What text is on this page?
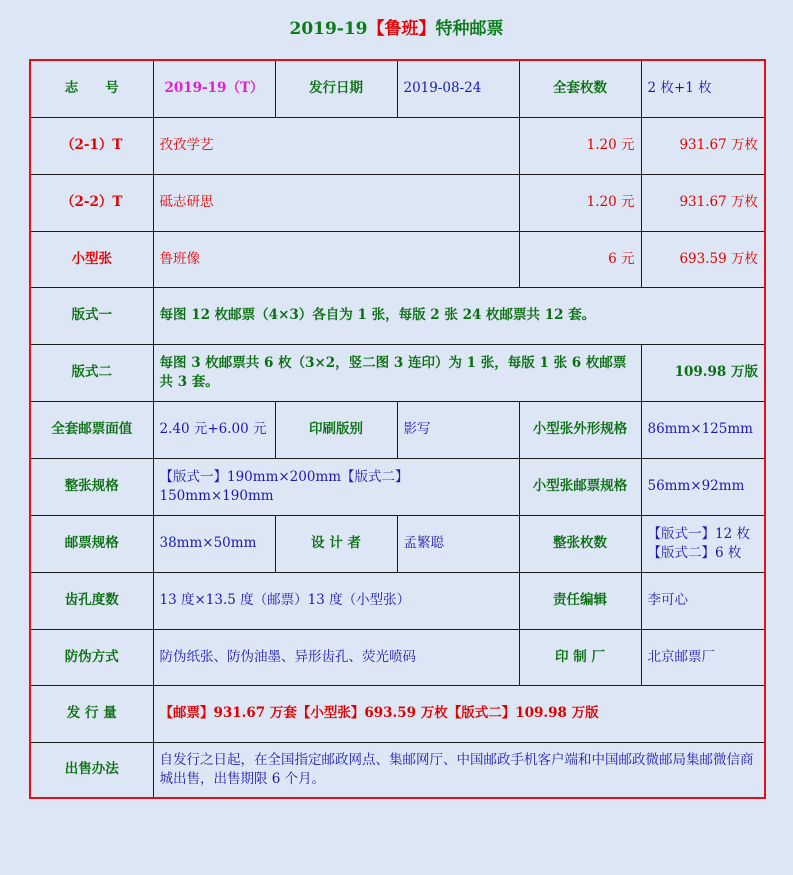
2019-19【鲁班】特种邮票
志　　号	2019-19（T）	发行日期	2019-08-24	全套枚数	2 枚+1 枚
（2-1）T	孜孜学艺			1.20 元	931.67 万枚
（2-2）T	砥志研思			1.20 元	931.67 万枚
小型张	鲁班像			6 元	693.59 万枚
版式一	每图 12 枚邮票（4×3）各自为 1 张，每版 2 张 24 枚邮票共 12 套。				
版式二	每图 3 枚邮票共 6 枚（3×2，竖二图 3 连印）为 1 张，每版 1 张 6 枚邮票共 3 套。				109.98 万版
全套邮票面值	2.40 元+6.00 元	印刷版别	影写	小型张外形规格	86mm×125mm
整张规格	【版式一】190mm×200mm【版式二】150mm×190mm			小型张邮票规格	56mm×92mm
邮票规格	38mm×50mm	设 计 者	孟繁聪	整张枚数	【版式一】12 枚
【版式二】6 枚

齿孔度数	13 度×13.5 度（邮票）13 度（小型张）			责任编辑	李可心
防伪方式	防伪纸张、防伪油墨、异形齿孔、荧光喷码			印 制 厂	北京邮票厂
发 行 量	【邮票】931.67 万套【小型张】693.59 万枚【版式二】109.98 万版				
出售办法	自发行之日起，在全国指定邮政网点、集邮网厅、中国邮政手机客户端和中国邮政微邮局集邮微信商城出售，出售期限 6 个月。				
